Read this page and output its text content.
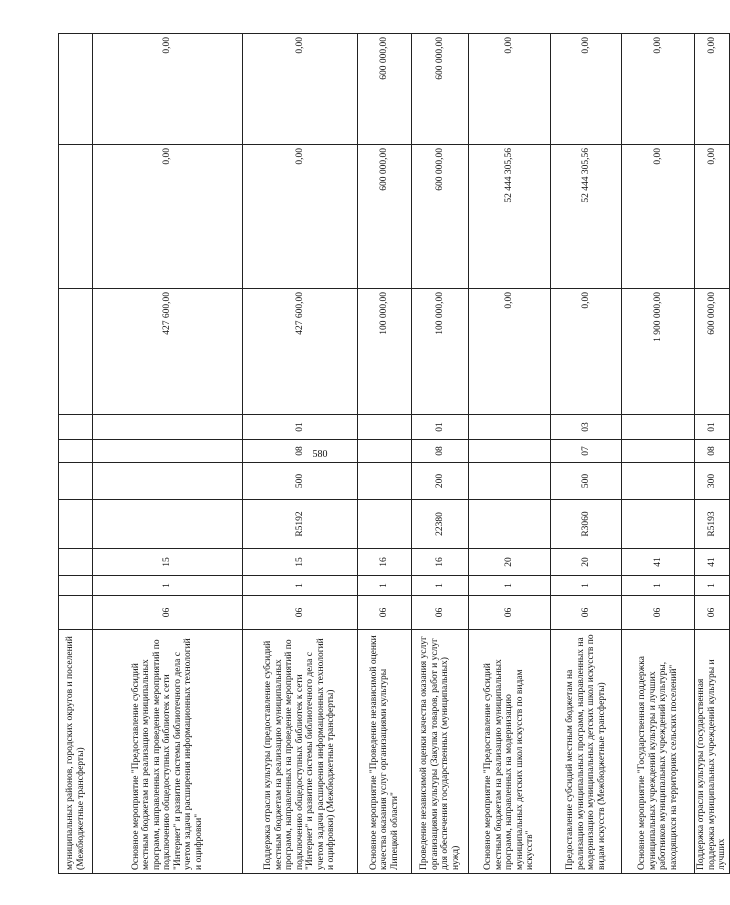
580
муниципальных районов, городских округов и поселений (Межбюджетные трансферты)										
Основное мероприятие "Предоставление субсидий местным бюджетам на реализацию муниципальных программ, направленных на проведение мероприятий по подключению общедоступных библиотек к сети "Интернет" и развитие системы библиотечного дела с учетом задачи расширения информационных технологий и оцифровки"	06	1	15					427 600,00	0,00	0,00
Поддержка отрасли культуры (предоставление субсидий местным бюджетам на реализацию муниципальных программ, направленных на проведение мероприятий по подключению общедоступных библиотек к сети "Интернет" и развитие системы библиотечного дела с учетом задачи расширения информационных технологий и оцифровки) (Межбюджетные трансферты)	06	1	15	R5192	500	08	01	427 600,00	0,00	0,00
Основное мероприятие "Проведение независимой оценки качества оказания услуг организациями культуры Липецкой области"	06	1	16					100 000,00	600 000,00	600 000,00
Проведение независимой оценки качества оказания услуг организациями культуры (Закупка товаров, работ и услуг для обеспечения государственных (муниципальных) нужд)	06	1	16	22380	200	08	01	100 000,00	600 000,00	600 000,00
Основное мероприятие "Предоставление субсидий местным бюджетам на реализацию муниципальных программ, направленных на модернизацию муниципальных детских школ искусств по видам искусств"	06	1	20					0,00	52 444 305,56	0,00
Предоставление субсидий местным бюджетам на реализацию муниципальных программ, направленных на модернизацию муниципальных детских школ искусств по видам искусств (Межбюджетные трансферты)	06	1	20	R3060	500	07	03	0,00	52 444 305,56	0,00
Основное мероприятие "Государственная поддержка муниципальных учреждений культуры и лучших работников муниципальных учреждений культуры, находящихся на территориях сельских поселений"	06	1	41					1 900 000,00	0,00	0,00
Поддержка отрасли культуры (государственная поддержка муниципальных учреждений культуры и лучших	06	1	41	R5193	300	08	01	600 000,00	0,00	0,00
